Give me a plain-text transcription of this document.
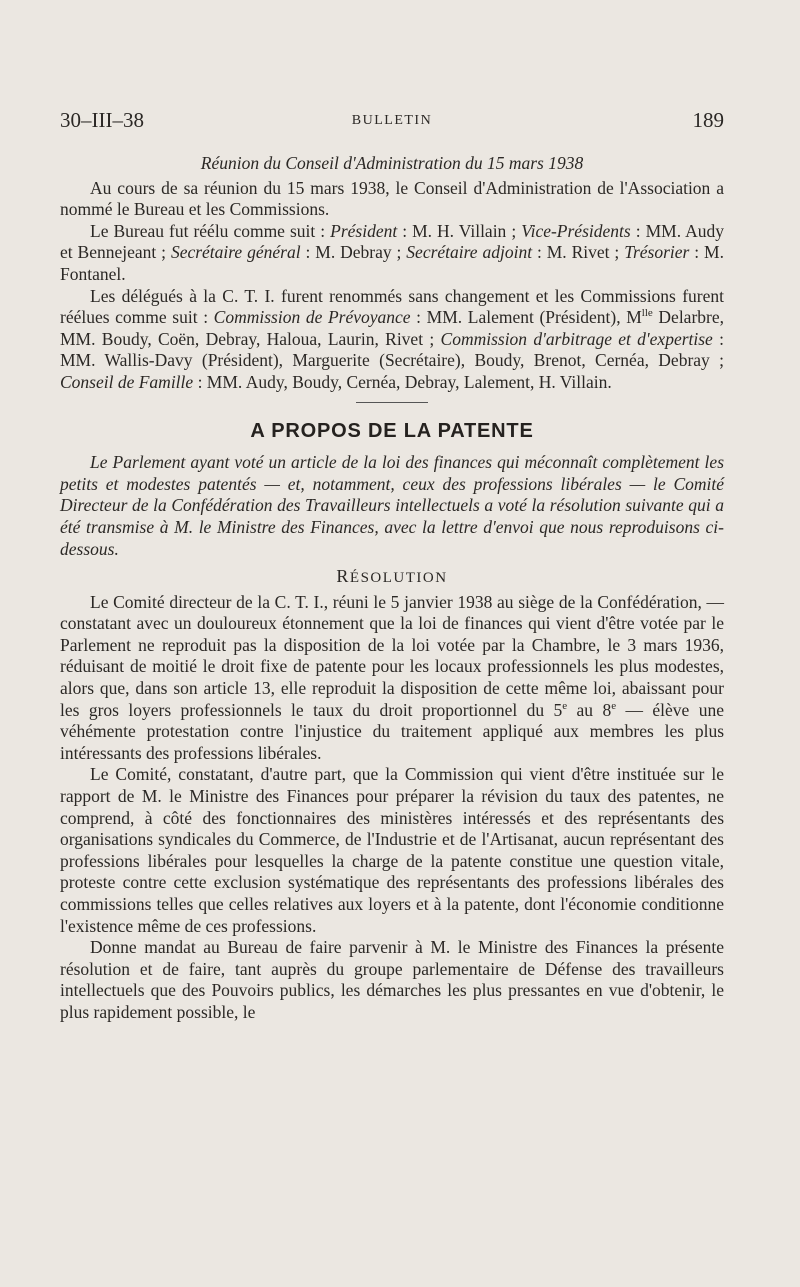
30–III–38	BULLETIN	189

Réunion du Conseil d'Administration du 15 mars 1938

Au cours de sa réunion du 15 mars 1938, le Conseil d'Administration de l'Association a nommé le Bureau et les Commissions.

Le Bureau fut réélu comme suit : Président : M. H. Villain ; Vice-Présidents : MM. Audy et Bennejeant ; Secrétaire général : M. Debray ; Secrétaire adjoint : M. Rivet ; Trésorier : M. Fontanel.

Les délégués à la C. T. I. furent renommés sans changement et les Commissions furent réélues comme suit : Commission de Prévoyance : MM. Lalement (Président), $M^{lle}$ Delarbre, MM. Boudy, Coën, Debray, Haloua, Laurin, Rivet ; Commission d'arbitrage et d'expertise : MM. Wallis-Davy (Président), Marguerite (Secrétaire), Boudy, Brenot, Cernéa, Debray ; Conseil de Famille : MM. Audy, Boudy, Cernéa, Debray, Lalement, H. Villain.

A PROPOS DE LA PATENTE

Le Parlement ayant voté un article de la loi des finances qui méconnaît complètement les petits et modestes patentés — et, notamment, ceux des professions libérales — le Comité Directeur de la Confédération des Travailleurs intellectuels a voté la résolution suivante qui a été transmise à M. le Ministre des Finances, avec la lettre d'envoi que nous reproduisons ci-dessous.

RÉSOLUTION

Le Comité directeur de la C. T. I., réuni le 5 janvier 1938 au siège de la Confédération, — constatant avec un douloureux étonnement que la loi de finances qui vient d'être votée par le Parlement ne reproduit pas la disposition de la loi votée par la Chambre, le 3 mars 1936, réduisant de moitié le droit fixe de patente pour les locaux professionnels les plus modestes, alors que, dans son article 13, elle reproduit la disposition de cette même loi, abaissant pour les gros loyers professionnels le taux du droit proportionnel du 5e au 8e — élève une véhémente protestation contre l'injustice du traitement appliqué aux membres les plus intéressants des professions libérales.

Le Comité, constatant, d'autre part, que la Commission qui vient d'être instituée sur le rapport de M. le Ministre des Finances pour préparer la révision du taux des patentes, ne comprend, à côté des fonctionnaires des ministères intéressés et des représentants des organisations syndicales du Commerce, de l'Industrie et de l'Artisanat, aucun représentant des professions libérales pour lesquelles la charge de la patente constitue une question vitale, proteste contre cette exclusion systématique des représentants des professions libérales des commissions telles que celles relatives aux loyers et à la patente, dont l'économie conditionne l'existence même de ces professions.

Donne mandat au Bureau de faire parvenir à M. le Ministre des Finances la présente résolution et de faire, tant auprès du groupe parlementaire de Défense des travailleurs intellectuels que des Pouvoirs publics, les démarches les plus pressantes en vue d'obtenir, le plus rapidement possible, le
